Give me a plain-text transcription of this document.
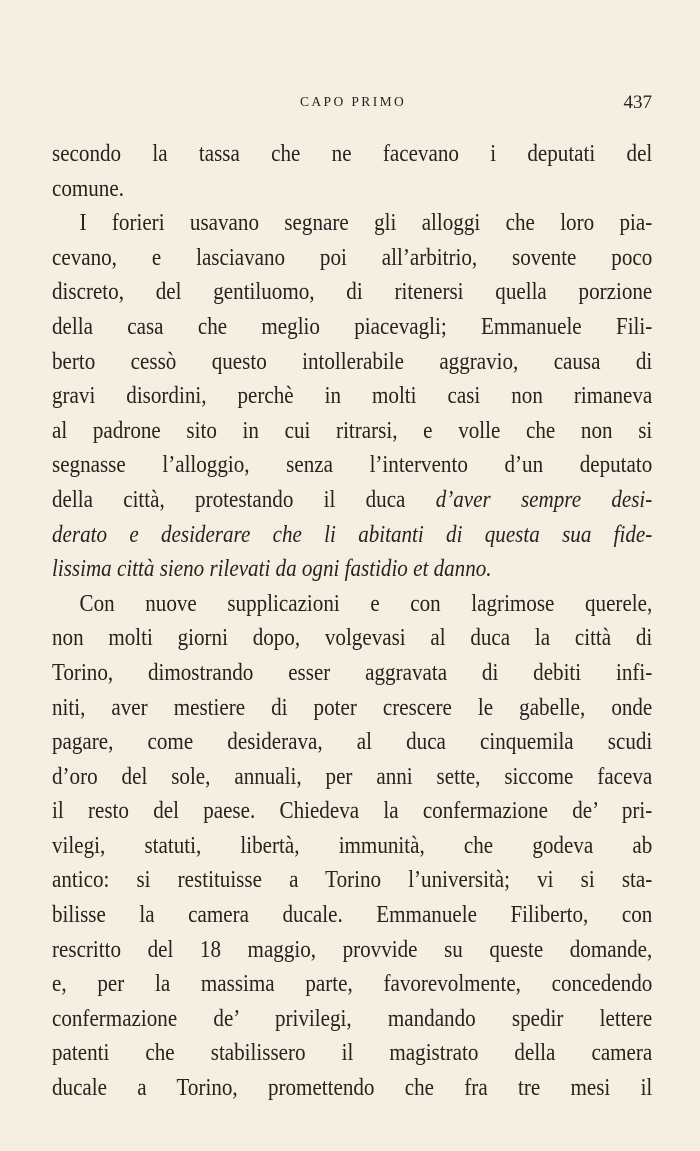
CAPO PRIMO	437
secondo la tassa che ne facevano i deputati del
comune.
I forieri usavano segnare gli alloggi che loro pia-
cevano, e lasciavano poi all’arbitrio, sovente poco
discreto, del gentiluomo, di ritenersi quella porzione
della casa che meglio piacevagli; Emmanuele Fili-
berto cessò questo intollerabile aggravio, causa di
gravi disordini, perchè in molti casi non rimaneva
al padrone sito in cui ritrarsi, e volle che non si
segnasse l’alloggio, senza l’intervento d’un deputato
della città, protestando il duca d’aver sempre desi-
derato e desiderare che li abitanti di questa sua fide-
lissima città sieno rilevati da ogni fastidio et danno.
Con nuove supplicazioni e con lagrimose querele,
non molti giorni dopo, volgevasi al duca la città di
Torino, dimostrando esser aggravata di debiti infi-
niti, aver mestiere di poter crescere le gabelle, onde
pagare, come desiderava, al duca cinquemila scudi
d’oro del sole, annuali, per anni sette, siccome faceva
il resto del paese. Chiedeva la confermazione de’ pri-
vilegi, statuti, libertà, immunità, che godeva ab
antico: si restituisse a Torino l’università; vi si sta-
bilisse la camera ducale. Emmanuele Filiberto, con
rescritto del 18 maggio, provvide su queste domande,
e, per la massima parte, favorevolmente, concedendo
confermazione de’ privilegi, mandando spedir lettere
patenti che stabilissero il magistrato della camera
ducale a Torino, promettendo che fra tre mesi il
